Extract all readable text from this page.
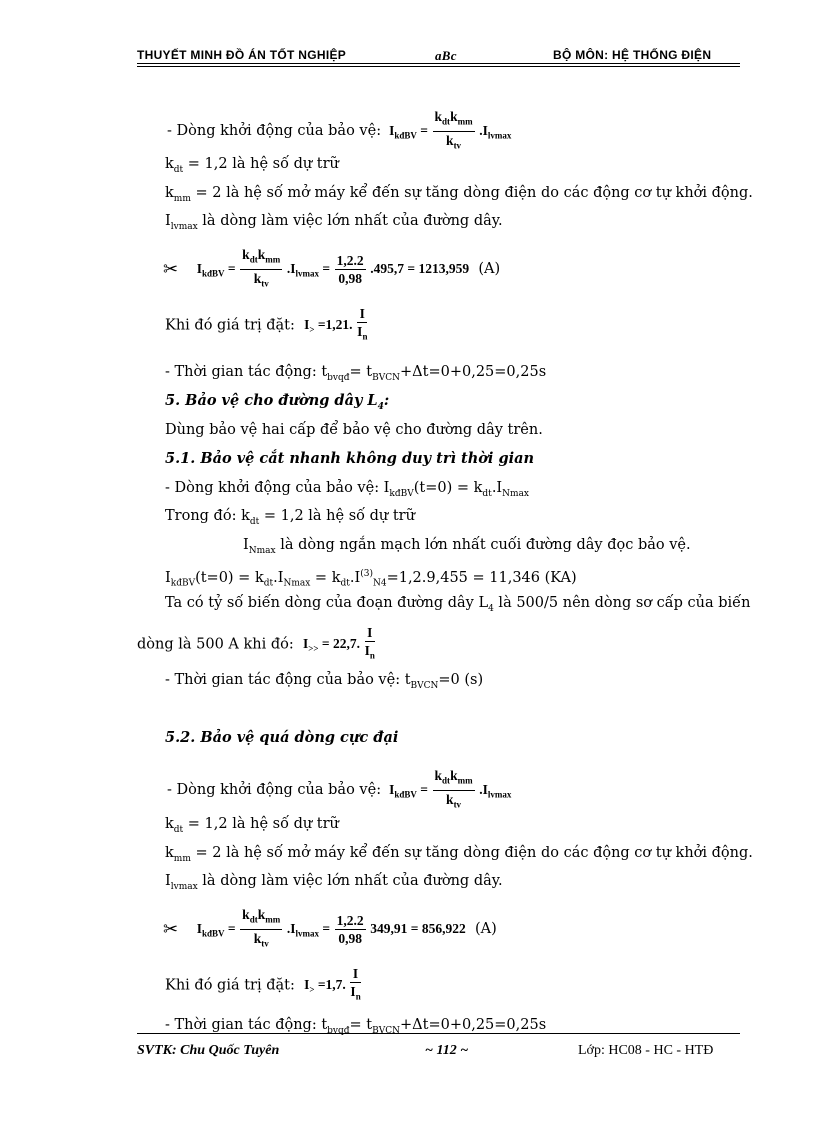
THUYẾT MINH ĐỒ ÁN TỐT NGHIỆP	aBc	BỘ MÔN: HỆ THỐNG ĐIỆN
- Dòng khởi động của bảo vệ: $I_{kđBV} = \frac{k_{dt}k_{mm}}{k_{tv}} .I_{lvmax}$
$k_{dt} = 1,2$ là hệ số dự trữ
$k_{mm} = 2$ là hệ số mở máy kể đến sự tăng dòng điện do các động cơ tự khởi động.
$I_{lvmax}$ là dòng làm việc lớn nhất của đường dây.
✂ $I_{kđBV} = \frac{k_{dt}k_{mm}}{k_{tv}} .I_{lvmax} = \frac{1,2.2}{0,98} .495,7 = 1213,959$ (A)
Khi đó giá trị đặt: $I_> =1,21$. $\frac{I}{I_n}$
- Thời gian tác động: $t_{bvqđ}= t_{BVCN}+\Delta t=0+0,25=0,25s$
5. Bảo vệ cho đường dây $L_4$:
Dùng bảo vệ hai cấp để bảo vệ cho đường dây trên.
5.1. Bảo vệ cắt nhanh không duy trì thời gian
- Dòng khởi động của bảo vệ: $I_{kđBV}(t=0) = k_{dt}.I_{Nmax}$
Trong đó: $k_{dt} = 1,2$ là hệ số dự trữ
$I_{Nmax}$ là dòng ngắn mạch lớn nhất cuối đường dây đọc bảo vệ.
$I_{kđBV}(t=0) = k_{dt}.I_{Nmax} = k_{dt}.I^{(3)}_{N4}=1,2.9,455 = 11,346$ (KA)
Ta có tỷ số biến dòng của đoạn đường dây $L_4$ là 500/5 nên dòng sơ cấp của biến
dòng là 500 A khi đó: $I_{>>} = 22,7$. $\frac{I}{I_n}$
- Thời gian tác động của bảo vệ: $t_{BVCN}=0$ (s)
5.2. Bảo vệ quá dòng cực đại
- Dòng khởi động của bảo vệ:  $I_{kđBV} = \frac{k_{dt}k_{mm}}{k_{tv}} .I_{lvmax}$
$k_{dt} = 1,2$ là hệ số dự trữ
$k_{mm} = 2$ là hệ số mở máy kể đến sự tăng dòng điện do các động cơ tự khởi động.
$I_{lvmax}$ là dòng làm việc lớn nhất của đường dây.
✂ $I_{kđBV} = \frac{k_{dt}k_{mm}}{k_{tv}} .I_{lvmax} = \frac{1,2.2}{0,98} 349,91 = 856,922$ (A)
Khi đó giá trị đặt: $I_> =1,7$. $\frac{I}{I_n}$
- Thời gian tác động: $t_{bvqđ}= t_{BVCN}+\Delta t=0+0,25=0,25s$
SVTK: Chu Quốc Tuyên	~ 112 ~	Lớp: HC08 - HC - HTĐ
